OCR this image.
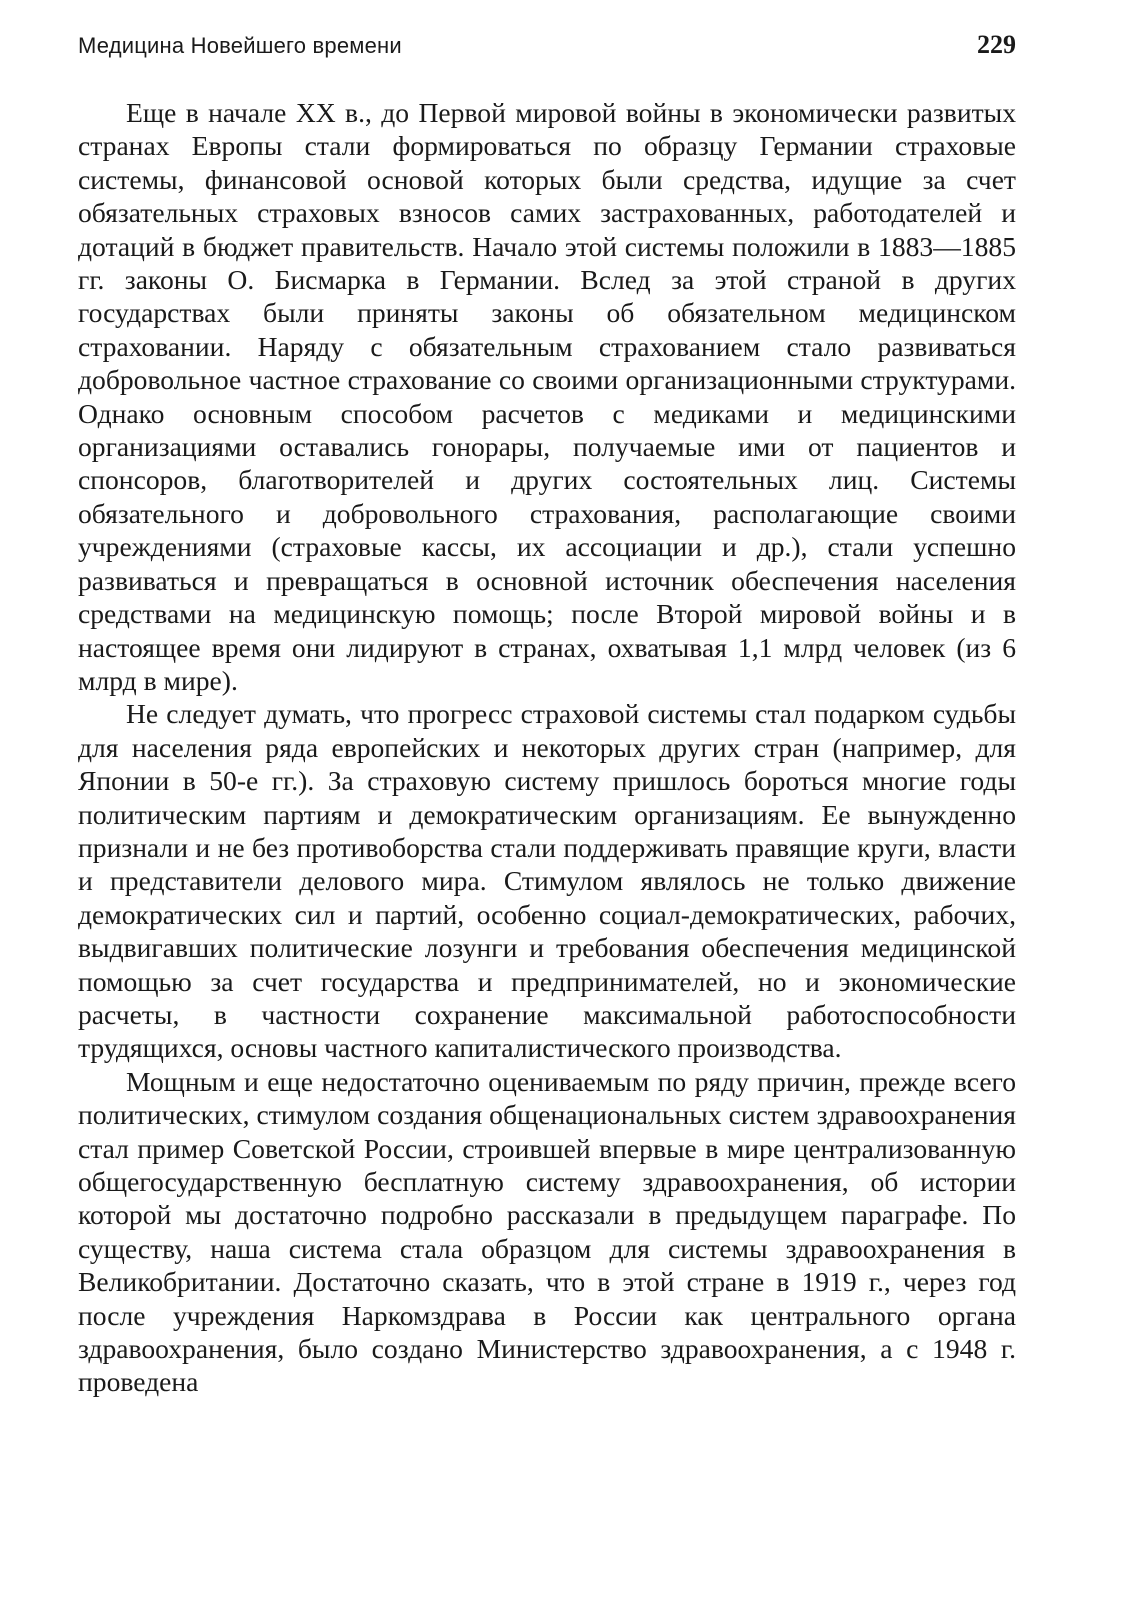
Медицина Новейшего времени	229

Еще в начале XX в., до Первой мировой войны в экономически развитых странах Европы стали формироваться по образцу Германии страховые системы, финансовой основой которых были средства, идущие за счет обязательных страховых взносов самих застрахованных, работодателей и дотаций в бюджет правительств. Начало этой системы положили в 1883—1885 гг. законы О. Бисмарка в Германии. Вслед за этой страной в других государствах были приняты законы об обязательном медицинском страховании. Наряду с обязательным страхованием стало развиваться добровольное частное страхование со своими организационными структурами. Однако основным способом расчетов с медиками и медицинскими организациями оставались гонорары, получаемые ими от пациентов и спонсоров, благотворителей и других состоятельных лиц. Системы обязательного и добровольного страхования, располагающие своими учреждениями (страховые кассы, их ассоциации и др.), стали успешно развиваться и превращаться в основной источник обеспечения населения средствами на медицинскую помощь; после Второй мировой войны и в настоящее время они лидируют в странах, охватывая 1,1 млрд человек (из 6 млрд в мире).

Не следует думать, что прогресс страховой системы стал подарком судьбы для населения ряда европейских и некоторых других стран (например, для Японии в 50-е гг.). За страховую систему пришлось бороться многие годы политическим партиям и демократическим организациям. Ее вынужденно признали и не без противоборства стали поддерживать правящие круги, власти и представители делового мира. Стимулом являлось не только движение демократических сил и партий, особенно социал-демократических, рабочих, выдвигавших политические лозунги и требования обеспечения медицинской помощью за счет государства и предпринимателей, но и экономические расчеты, в частности сохранение максимальной работоспособности трудящихся, основы частного капиталистического производства.

Мощным и еще недостаточно оцениваемым по ряду причин, прежде всего политических, стимулом создания общенациональных систем здравоохранения стал пример Советской России, строившей впервые в мире централизованную общегосударственную бесплатную систему здравоохранения, об истории которой мы достаточно подробно рассказали в предыдущем параграфе. По существу, наша система стала образцом для системы здравоохранения в Великобритании. Достаточно сказать, что в этой стране в 1919 г., через год после учреждения Наркомздрава в России как центрального органа здравоохранения, было создано Министерство здравоохранения, а с 1948 г. проведена
